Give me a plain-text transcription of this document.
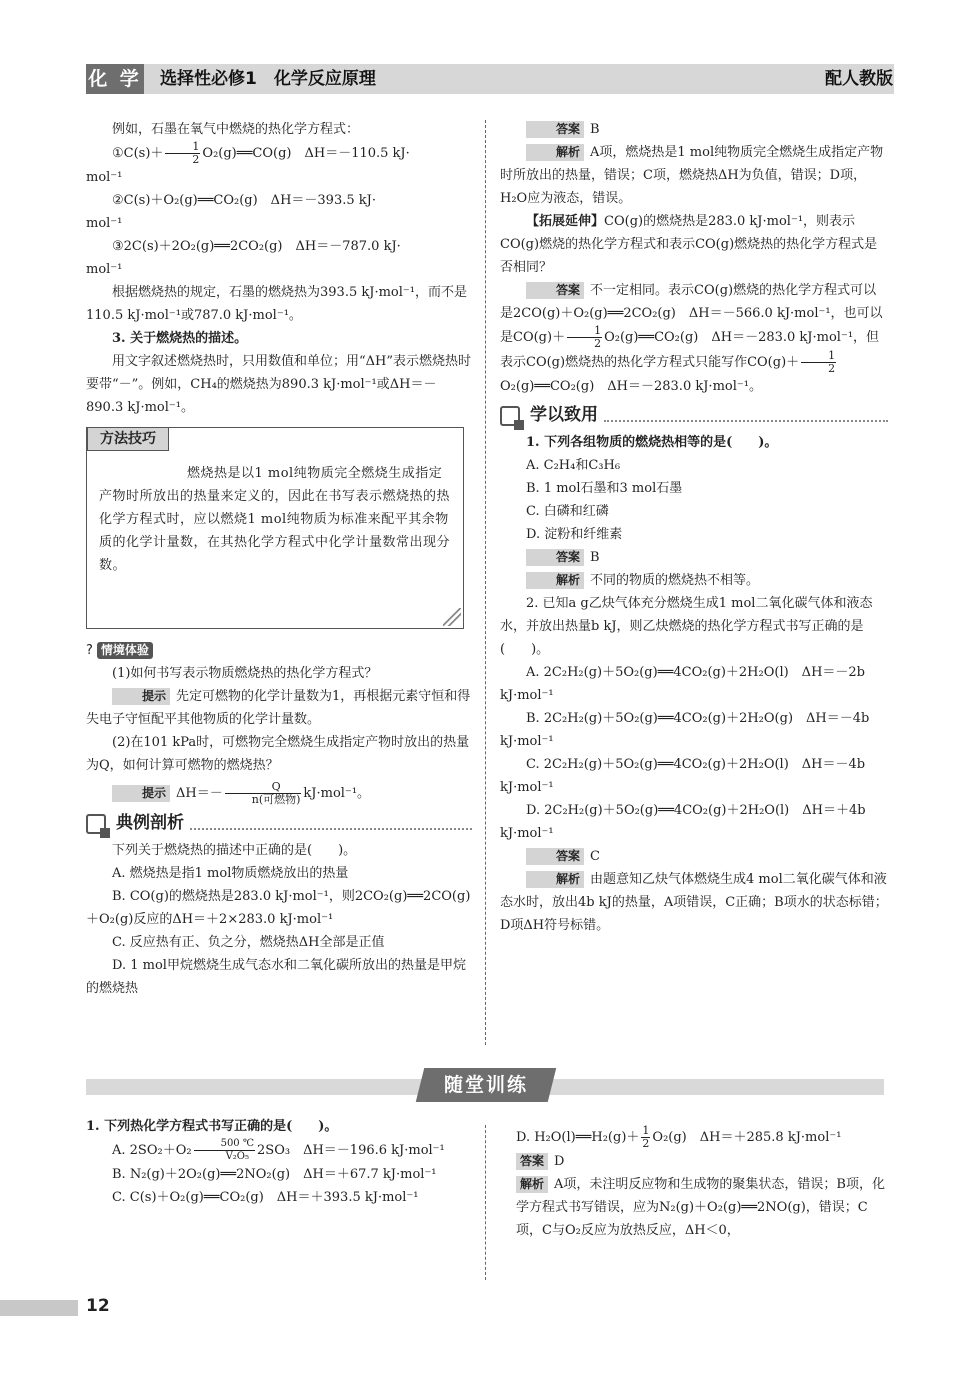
化 学 选择性必修1　化学反应原理	配人教版

例如，石墨在氧气中燃烧的热化学方程式：

①C(s)＋ $\frac{1}{2}$ O₂(g)══CO(g)　ΔH＝－110.5 kJ·

mol⁻¹

②C(s)＋O₂(g)══CO₂(g)　ΔH＝－393.5 kJ·

mol⁻¹

③2C(s)＋2O₂(g)══2CO₂(g)　ΔH＝－787.0 kJ·

mol⁻¹

根据燃烧热的规定，石墨的燃烧热为393.5 kJ·mol⁻¹，而不是110.5 kJ·mol⁻¹或787.0 kJ·mol⁻¹。

3. 关于燃烧热的描述。

用文字叙述燃烧热时，只用数值和单位；用“ΔH”表示燃烧热时要带“－”。例如，CH₄的燃烧热为890.3 kJ·mol⁻¹或ΔH＝－890.3 kJ·mol⁻¹。

方法技巧
燃烧热是以1 mol纯物质完全燃烧生成指定产物时所放出的热量来定义的，因此在书写表示燃烧热的热化学方程式时，应以燃烧1 mol纯物质为标准来配平其余物质的化学计量数，在其热化学方程式中化学计量数常出现分数。

? 情境体验

(1)如何书写表示物质燃烧热的热化学方程式？

提示 先定可燃物的化学计量数为1，再根据元素守恒和得失电子守恒配平其他物质的化学计量数。

(2)在101 kPa时，可燃物完全燃烧生成指定产物时放出的热量为Q，如何计算可燃物的燃烧热？

提示 $\Delta H=- \frac{Q}{\text{n(可燃物)}} kJ\cdot mol^{-1}$。

典例剖析

下列关于燃烧热的描述中正确的是(　　)。

A. 燃烧热是指1 mol物质燃烧放出的热量

B. CO(g)的燃烧热是283.0 kJ·mol⁻¹，则2CO₂(g)══2CO(g)＋O₂(g)反应的ΔH＝＋2×283.0 kJ·mol⁻¹

C. 反应热有正、负之分，燃烧热ΔH全部是正值

D. 1 mol甲烷燃烧生成气态水和二氧化碳所放出的热量是甲烷的燃烧热

答案 B

解析 A项，燃烧热是1 mol纯物质完全燃烧生成指定产物时所放出的热量，错误；C项，燃烧热ΔH为负值，错误；D项，H₂O应为液态，错误。

【拓展延伸】CO(g)的燃烧热是283.0 kJ·mol⁻¹，则表示CO(g)燃烧的热化学方程式和表示CO(g)燃烧热的热化学方程式是否相同？

答案 不一定相同。表示CO(g)燃烧的热化学方程式可以是2CO(g)＋O₂(g)══2CO₂(g)　ΔH＝－566.0 kJ·mol⁻¹，也可以是$CO(g)+ \frac{1}{2}$ O₂(g)══CO₂(g)　ΔH＝－283.0 kJ·mol⁻¹，但表示CO(g)燃烧热的热化学方程式只能写作$CO(g)+ \frac{1}{2}$
O₂(g)══CO₂(g)　ΔH＝－283.0 kJ·mol⁻¹。

学以致用

1. 下列各组物质的燃烧热相等的是(　　)。

A. C₂H₄和C₃H₆

B. 1 mol石墨和3 mol石墨

C. 白磷和红磷

D. 淀粉和纤维素

答案 B

解析 不同的物质的燃烧热不相等。

2. 已知a g乙炔气体充分燃烧生成1 mol二氧化碳气体和液态水，并放出热量b kJ，则乙炔燃烧的热化学方程式书写正确的是(　　)。

A. 2C₂H₂(g)＋5O₂(g)══4CO₂(g)＋2H₂O(l)　ΔH＝－2b kJ·mol⁻¹

B. 2C₂H₂(g)＋5O₂(g)══4CO₂(g)＋2H₂O(g)　ΔH＝－4b kJ·mol⁻¹

C. 2C₂H₂(g)＋5O₂(g)══4CO₂(g)＋2H₂O(l)　ΔH＝－4b kJ·mol⁻¹

D. 2C₂H₂(g)＋5O₂(g)══4CO₂(g)＋2H₂O(l)　ΔH＝＋4b kJ·mol⁻¹

答案 C

解析 由题意知乙炔气体燃烧生成4 mol二氧化碳气体和液态水时，放出4b kJ的热量，A项错误，C正确；B项水的状态标错；D项ΔH符号标错。

随堂训练

1. 下列热化学方程式书写正确的是(　　)。

A. $2SO_2+O_2 \frac{500 ℃}{\text{V₂O₅}} 2SO_3$　ΔH＝－196.6 kJ·mol⁻¹

B. N₂(g)＋2O₂(g)══2NO₂(g)　ΔH＝＋67.7 kJ·mol⁻¹

C. C(s)＋O₂(g)══CO₂(g)　ΔH＝＋393.5 kJ·mol⁻¹

D. H₂O(l)══H₂(g)＋ $\frac{1}{2} O_2(g)$　ΔH＝＋285.8 kJ·mol⁻¹

答案 D

解析 A项，未注明反应物和生成物的聚集状态，错误；B项，化学方程式书写错误，应为N₂(g)＋O₂(g)══2NO(g)，错误；C项，C与O₂反应为放热反应，ΔH＜0，

12
